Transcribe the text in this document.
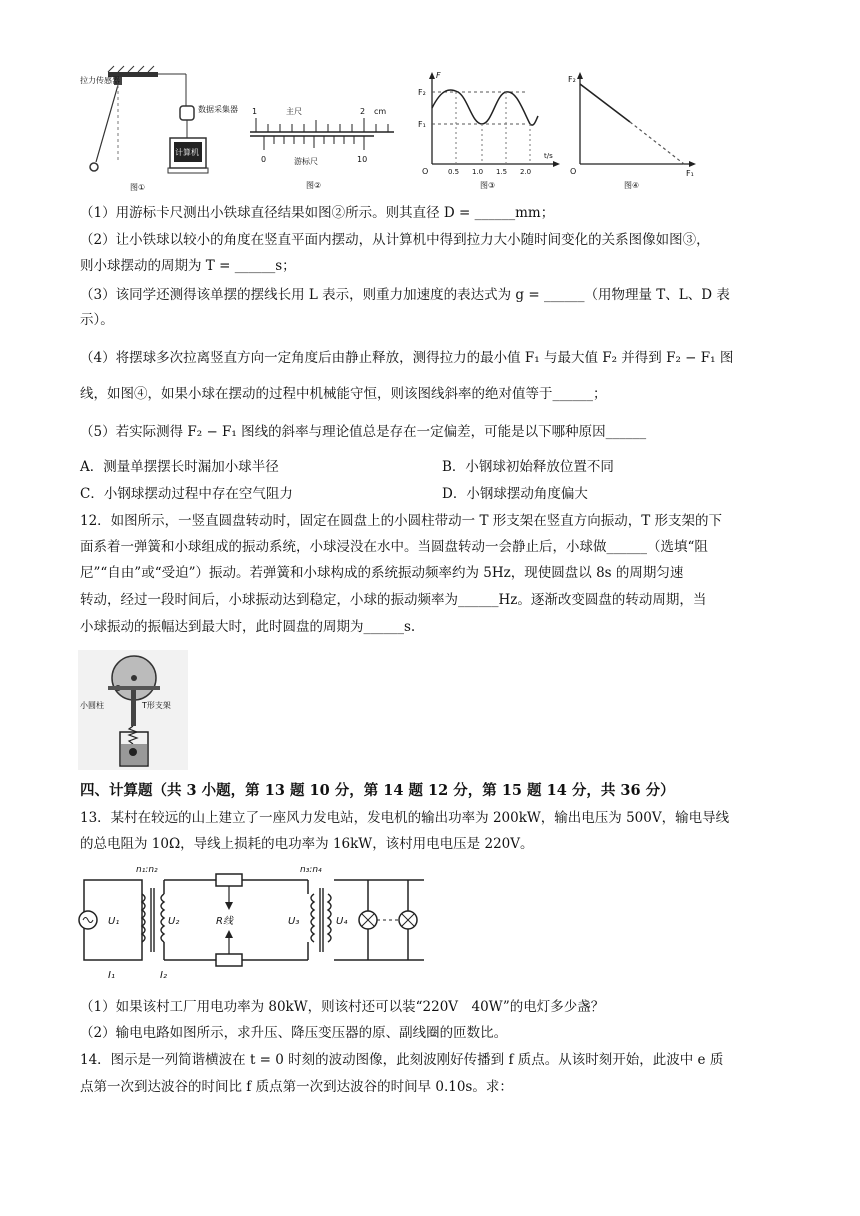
拉力传感器
数据采集器
计算机
图①
主尺
1	2 cm
0	10
游标尺
图②
F
F₂
F₁
O
t/s
0.5 1.0 1.5 2.0
图③
F₂
O	F₁
图④
（1）用游标卡尺测出小铁球直径结果如图②所示。则其直径 D = ______mm；
（2）让小铁球以较小的角度在竖直平面内摆动，从计算机中得到拉力大小随时间变化的关系图像如图③，
则小球摆动的周期为 T = ______s；
（3）该同学还测得该单摆的摆线长用 L 表示，则重力加速度的表达式为 g = ______（用物理量 T、L、D 表
示）。
（4）将摆球多次拉离竖直方向一定角度后由静止释放，测得拉力的最小值 F₁ 与最大值 F₂ 并得到 F₂ − F₁ 图
线，如图④，如果小球在摆动的过程中机械能守恒，则该图线斜率的绝对值等于______；
（5）若实际测得 F₂ − F₁ 图线的斜率与理论值总是存在一定偏差，可能是以下哪种原因______
A．测量单摆摆长时漏加小球半径	B．小钢球初始释放位置不同
C．小钢球摆动过程中存在空气阻力	D．小钢球摆动角度偏大
12．如图所示，一竖直圆盘转动时，固定在圆盘上的小圆柱带动一 T 形支架在竖直方向振动，T 形支架的下
面系着一弹簧和小球组成的振动系统，小球浸没在水中。当圆盘转动一会静止后，小球做______（选填“阻
尼”“自由”或“受迫”）振动。若弹簧和小球构成的系统振动频率约为 5Hz，现使圆盘以 8s 的周期匀速
转动，经过一段时间后，小球振动达到稳定，小球的振动频率为______Hz。逐渐改变圆盘的转动周期，当
小球振动的振幅达到最大时，此时圆盘的周期为______s.
小圆柱	T形支架
四、计算题（共 3 小题，第 13 题 10 分，第 14 题 12 分，第 15 题 14 分，共 36 分）
13．某村在较远的山上建立了一座风力发电站，发电机的输出功率为 200kW，输出电压为 500V，输电导线
的总电阻为 10Ω，导线上损耗的电功率为 16kW，该村用电电压是 220V。
n₁:n₂	n₃:n₄
U₁	U₂	R线	U₃	U₄
I₁	I₂
（1）如果该村工厂用电功率为 80kW，则该村还可以装“220V　40W”的电灯多少盏？
（2）输电电路如图所示，求升压、降压变压器的原、副线圈的匝数比。
14．图示是一列简谐横波在 t = 0 时刻的波动图像，此刻波刚好传播到 f 质点。从该时刻开始，此波中 e 质
点第一次到达波谷的时间比 f 质点第一次到达波谷的时间早 0.10s。求：
